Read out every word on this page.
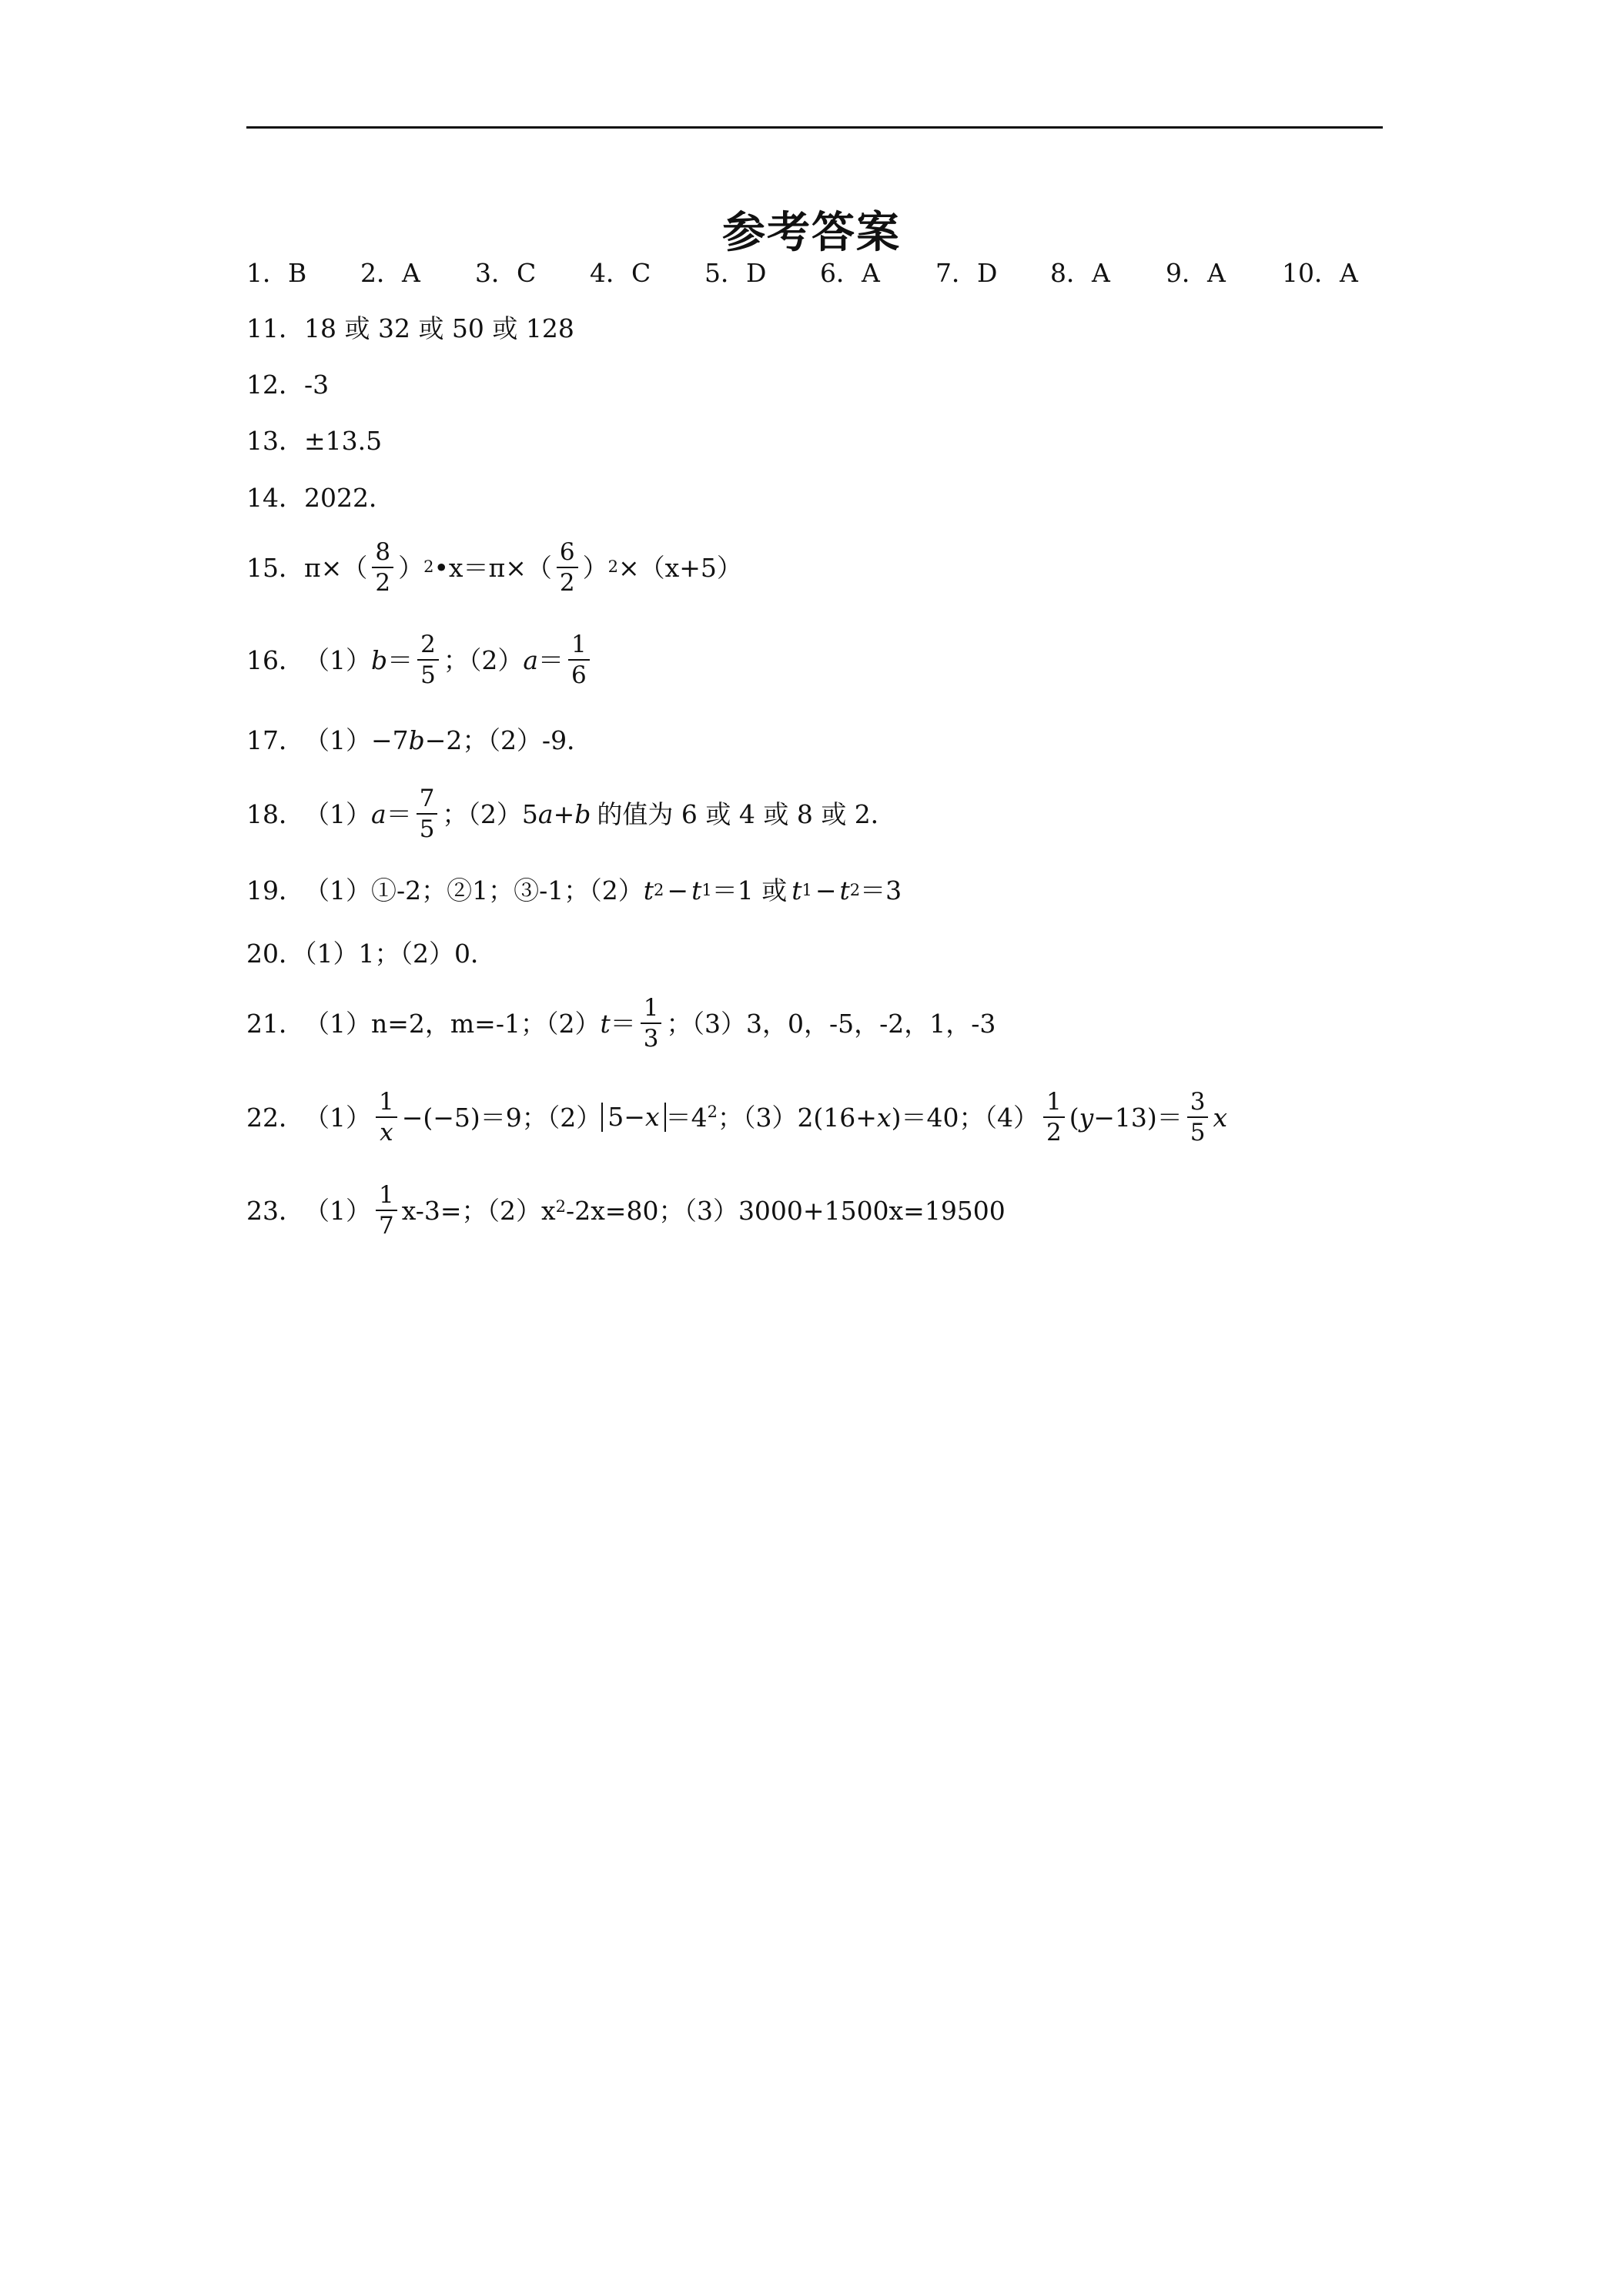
参考答案
1．B 2．A 3．C 4．C 5．D 6．A 7．D 8．A 9．A 10．A
11．18 或 32 或 50 或 128
12．-3
13．±13.5
14．2022．
15． $\pi\times( \frac{8}{2}$ ） 2 •x＝π×（ $\frac{6}{2}$ ） 2 ×（x+5）
16． （1） $b = \frac{2}{5}$ ；（2） $a = \frac{1}{6}$
17． （1） −7 b −2 ；（2）-9．
18． （1） $a = \frac{7}{5}$ ；（2）5 a + b 的值为 6 或 4 或 8 或 2．
19． （1）①-2；②1；③-1；（2） t 2 − t 1 ＝1 或 t 1 − t 2 ＝3
20．（1）1；（2）0．
21． （1）n=2，m=-1；（2） $t = \frac{1}{3}$ ；（3）3，0，-5，-2，1，-3
22． $(1) \frac{1}{x} -(-5)=9$ ；（2） 5−x ＝4 2 ；（3） 2(16+ x )＝40 ；$(4) \frac{1}{2}$ ( $y -13)= \frac{3}{5}$ x
23． $(1) \frac{1}{7} x-3=$；（2）x 2 -2x=80；（3）3000+1500x=19500
